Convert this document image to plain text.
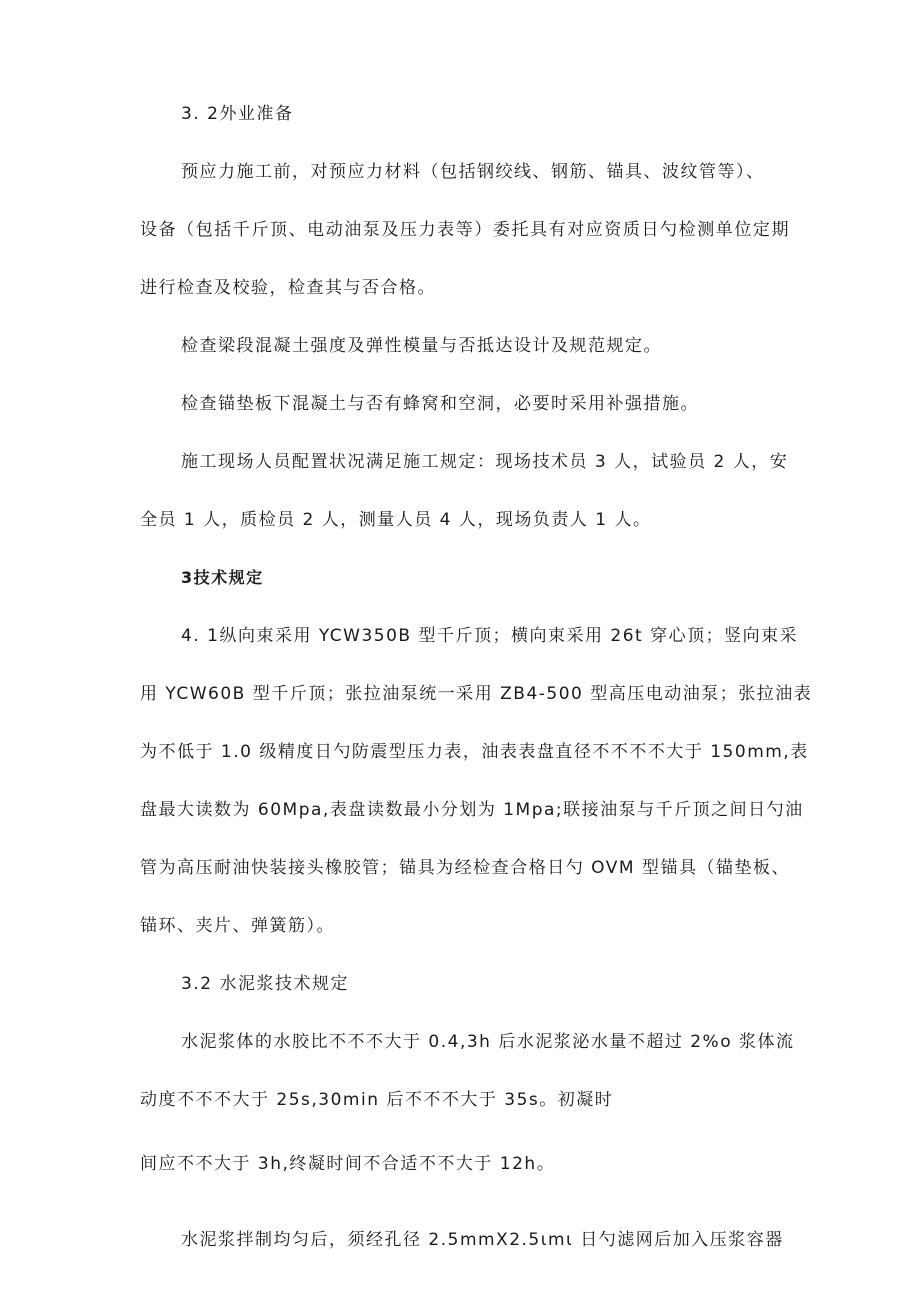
3. 2外业准备
预应力施工前，对预应力材料（包括钢绞线、钢筋、锚具、波纹管等）、
设备（包括千斤顶、电动油泵及压力表等）委托具有对应资质日勺检测单位定期
进行检查及校验，检查其与否合格。
检查梁段混凝土强度及弹性模量与否抵达设计及规范规定。
检查锚垫板下混凝土与否有蜂窝和空洞，必要时采用补强措施。
施工现场人员配置状况满足施工规定：现场技术员 3 人，试验员 2 人，安
全员 1 人，质检员 2 人，测量人员 4 人，现场负责人 1 人。
3技术规定
4. 1纵向束采用 YCW350B 型千斤顶；横向束采用 26t 穿心顶；竖向束采
用 YCW60B 型千斤顶；张拉油泵统一采用 ZB4-500 型高压电动油泵；张拉油表
为不低于 1.0 级精度日勺防震型压力表，油表表盘直径不不不不大于 150mm,表
盘最大读数为 60Mpa,表盘读数最小分划为 1Mpa;联接油泵与千斤顶之间日勺油
管为高压耐油快装接头橡胶管；锚具为经检查合格日勺 OVM 型锚具（锚垫板、
锚环、夹片、弹簧筋）。
3.2 水泥浆技术规定
水泥浆体的水胶比不不不大于 0.4,3h 后水泥浆泌水量不超过 2%o 浆体流
动度不不不大于 25s,30min 后不不不大于 35s。初凝时
间应不不大于 3h,终凝时间不合适不不大于 12h。
水泥浆拌制均匀后，须经孔径 2.5mmX2.5ιmι 日勺滤网后加入压浆容器
